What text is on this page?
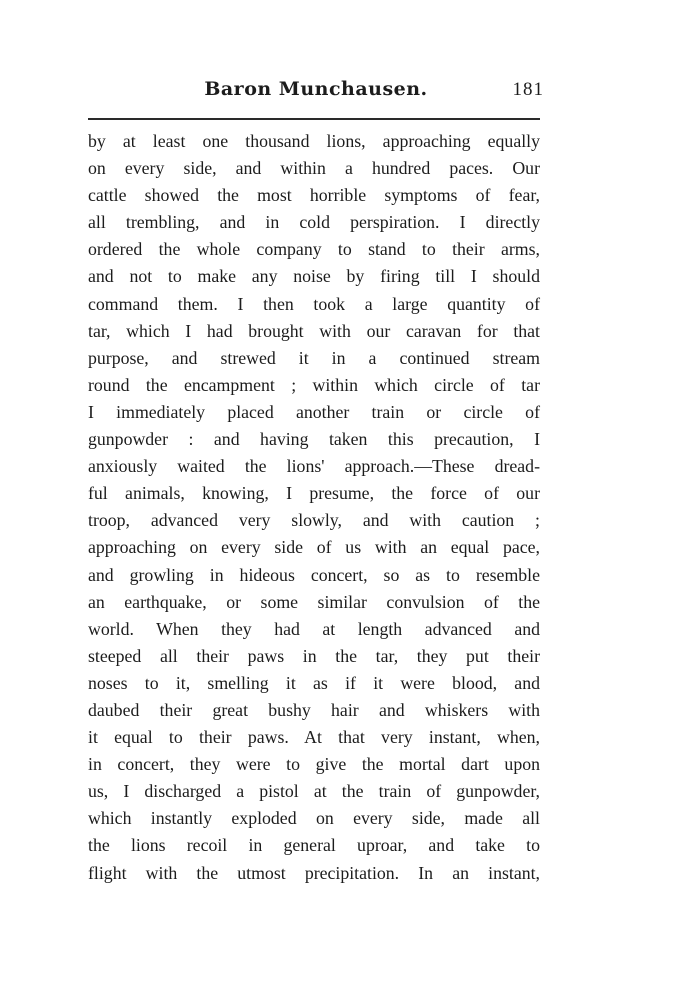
Baron Munchausen.	181
by at least one thousand lions, approaching equally
on every side, and within a hundred paces. Our
cattle showed the most horrible symptoms of fear,
all trembling, and in cold perspiration. I directly
ordered the whole company to stand to their arms,
and not to make any noise by firing till I should
command them. I then took a large quantity of
tar, which I had brought with our caravan for that
purpose, and strewed it in a continued stream
round the encampment ; within which circle of tar
I immediately placed another train or circle of
gunpowder : and having taken this precaution, I
anxiously waited the lions' approach.—These dread-
ful animals, knowing, I presume, the force of our
troop, advanced very slowly, and with caution ;
approaching on every side of us with an equal pace,
and growling in hideous concert, so as to resemble
an earthquake, or some similar convulsion of the
world. When they had at length advanced and
steeped all their paws in the tar, they put their
noses to it, smelling it as if it were blood, and
daubed their great bushy hair and whiskers with
it equal to their paws. At that very instant, when,
in concert, they were to give the mortal dart upon
us, I discharged a pistol at the train of gunpowder,
which instantly exploded on every side, made all
the lions recoil in general uproar, and take to
flight with the utmost precipitation. In an instant,
